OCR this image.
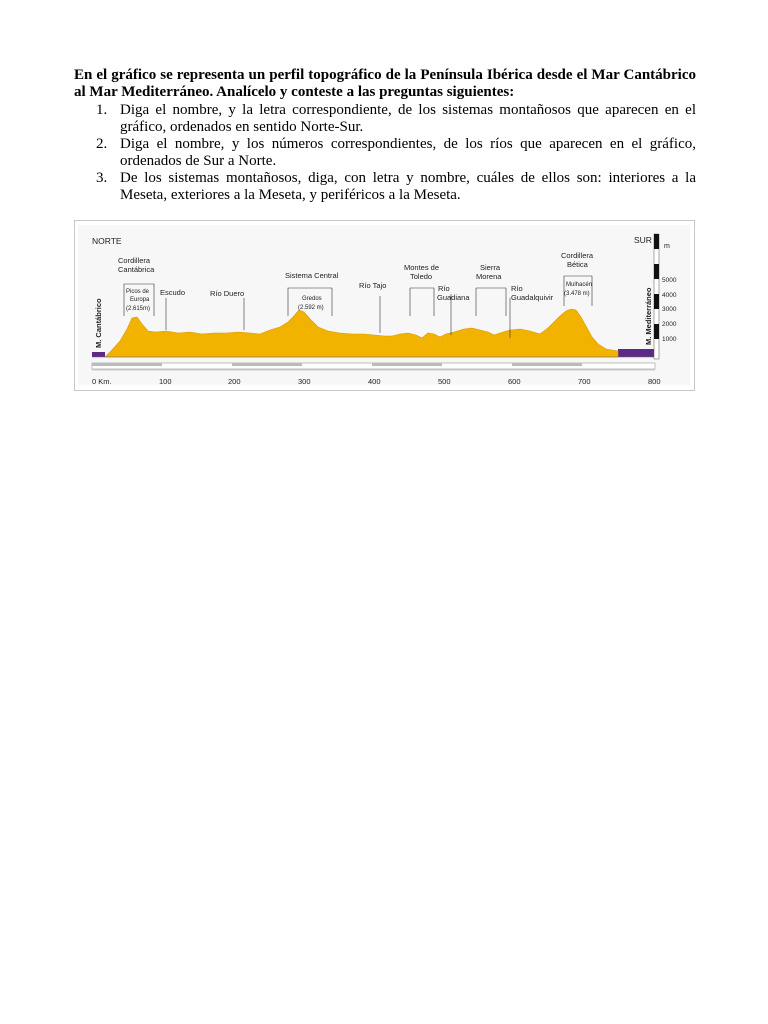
En el gráfico se representa un perfil topográfico de la Península Ibérica desde el Mar Cantábrico al Mar Mediterráneo. Analícelo y conteste a las preguntas siguientes:
1. Diga el nombre, y la letra correspondiente, de los sistemas montañosos que aparecen en el gráfico, ordenados en sentido Norte-Sur.
2. Diga el nombre, y los números correspondientes, de los ríos que aparecen en el gráfico, ordenados de Sur a Norte.
3. De los sistemas montañosos, diga, con letra y nombre, cuáles de ellos son: interiores a la Meseta, exteriores a la Meseta, y periféricos a la Meseta.
0 Km.	100	200	300	400	500	600	700	800
NORTE	SUR
M. Cantábrico	M. Mediterráneo
m
5000
4000
3000
2000
1000
Cordillera
Cantábrica
Escudo	Río Duero
Sistema Central
Río Tajo
Montes de
Toledo
Río
Guadiana
Sierra
Morena
Río
Guadalquivir
Cordillera
Bética
Picos de
Europa
(2.615m)
Gredos
(2.592 m)
Mulhacén
(3.478 m)
